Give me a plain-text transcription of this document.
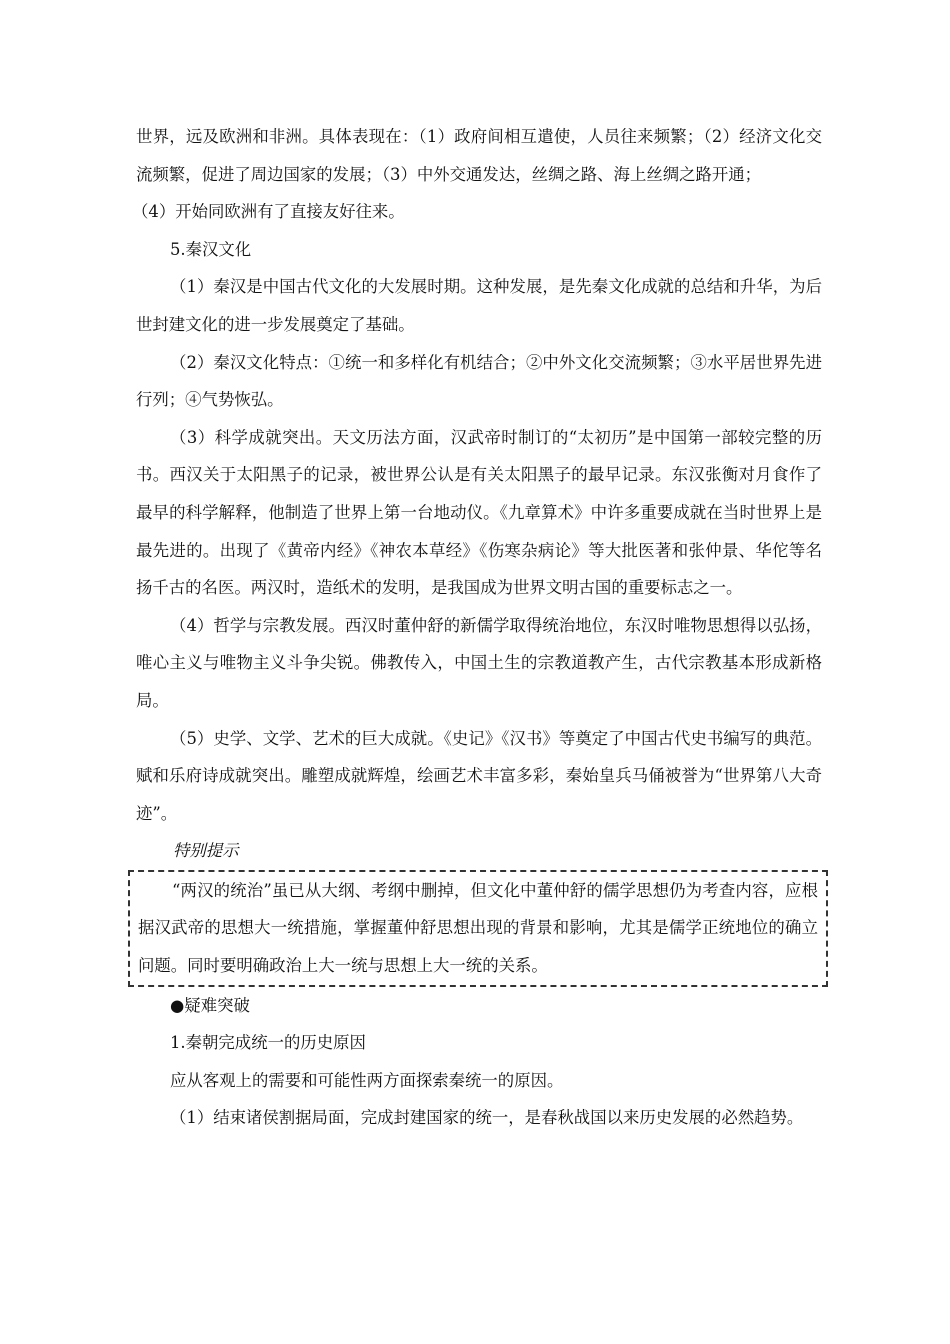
世界，远及欧洲和非洲。具体表现在：（1）政府间相互遣使，人员往来频繁；（2）经济文化交流频繁，促进了周边国家的发展；（3）中外交通发达，丝绸之路、海上丝绸之路开通；

（4）开始同欧洲有了直接友好往来。

5.秦汉文化

（1）秦汉是中国古代文化的大发展时期。这种发展，是先秦文化成就的总结和升华，为后世封建文化的进一步发展奠定了基础。

（2）秦汉文化特点：①统一和多样化有机结合；②中外文化交流频繁；③水平居世界先进行列；④气势恢弘。

（3）科学成就突出。天文历法方面，汉武帝时制订的“太初历”是中国第一部较完整的历书。西汉关于太阳黑子的记录，被世界公认是有关太阳黑子的最早记录。东汉张衡对月食作了最早的科学解释，他制造了世界上第一台地动仪。《九章算术》中许多重要成就在当时世界上是最先进的。出现了《黄帝内经》《神农本草经》《伤寒杂病论》等大批医著和张仲景、华佗等名扬千古的名医。两汉时，造纸术的发明，是我国成为世界文明古国的重要标志之一。

（4）哲学与宗教发展。西汉时董仲舒的新儒学取得统治地位，东汉时唯物思想得以弘扬，唯心主义与唯物主义斗争尖锐。佛教传入，中国土生的宗教道教产生，古代宗教基本形成新格局。

（5）史学、文学、艺术的巨大成就。《史记》《汉书》等奠定了中国古代史书编写的典范。赋和乐府诗成就突出。雕塑成就辉煌，绘画艺术丰富多彩，秦始皇兵马俑被誉为“世界第八大奇迹”。

特别提示

“两汉的统治”虽已从大纲、考纲中删掉，但文化中董仲舒的儒学思想仍为考查内容，应根据汉武帝的思想大一统措施，掌握董仲舒思想出现的背景和影响，尤其是儒学正统地位的确立问题。同时要明确政治上大一统与思想上大一统的关系。

●疑难突破

1.秦朝完成统一的历史原因

应从客观上的需要和可能性两方面探索秦统一的原因。

（1）结束诸侯割据局面，完成封建国家的统一，是春秋战国以来历史发展的必然趋势。
